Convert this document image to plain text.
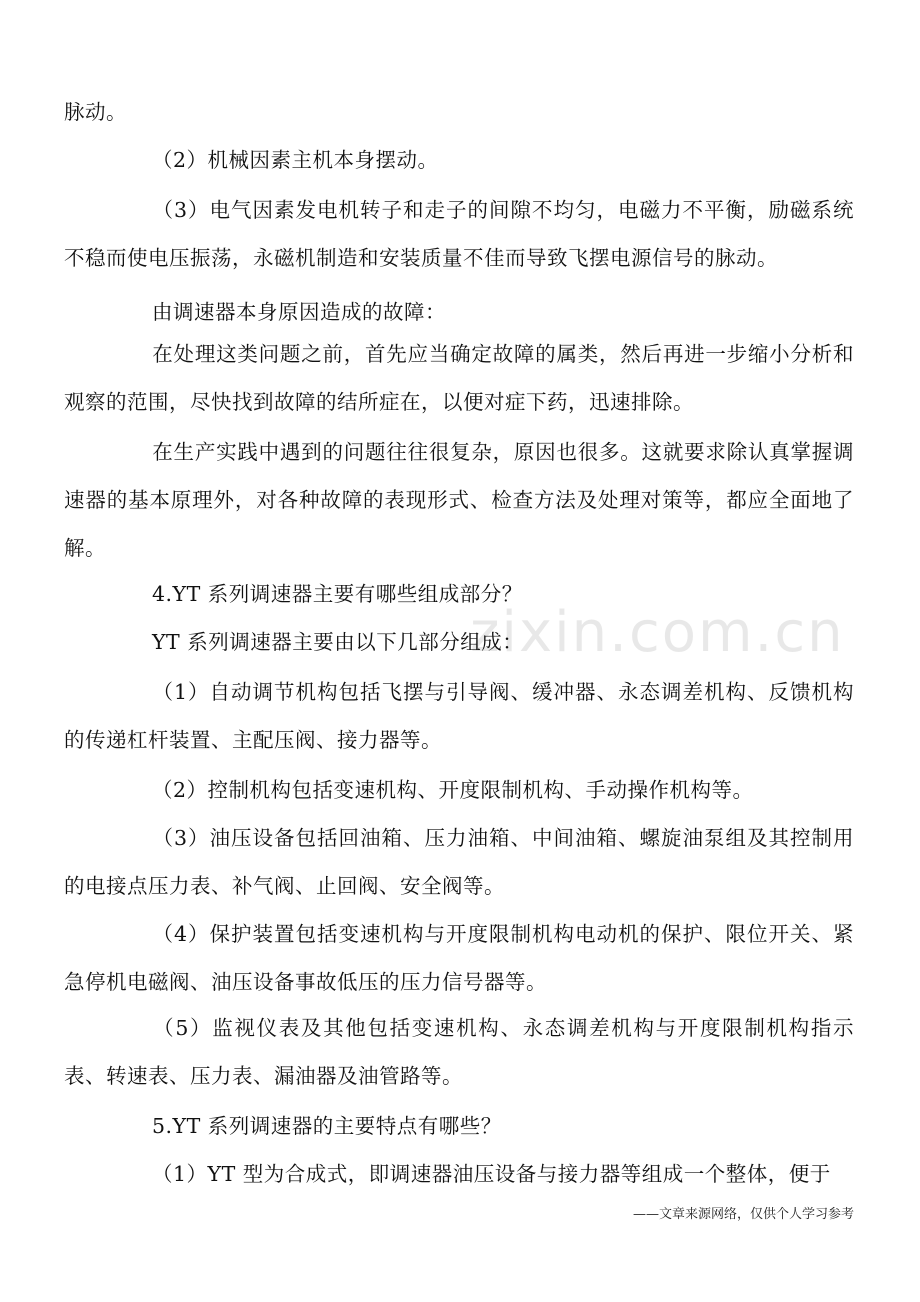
脉动。

（2）机械因素主机本身摆动。

（3）电气因素发电机转子和走子的间隙不均匀，电磁力不平衡，励磁系统不稳而使电压振荡，永磁机制造和安装质量不佳而导致飞摆电源信号的脉动。

由调速器本身原因造成的故障：

在处理这类问题之前，首先应当确定故障的属类，然后再进一步缩小分析和观察的范围，尽快找到故障的结所症在，以便对症下药，迅速排除。

在生产实践中遇到的问题往往很复杂，原因也很多。这就要求除认真掌握调速器的基本原理外，对各种故障的表现形式、检查方法及处理对策等，都应全面地了解。

4.YT 系列调速器主要有哪些组成部分？

YT 系列调速器主要由以下几部分组成：

（1）自动调节机构包括飞摆与引导阀、缓冲器、永态调差机构、反馈机构的传递杠杆装置、主配压阀、接力器等。

（2）控制机构包括变速机构、开度限制机构、手动操作机构等。

（3）油压设备包括回油箱、压力油箱、中间油箱、螺旋油泵组及其控制用的电接点压力表、补气阀、止回阀、安全阀等。

（4）保护装置包括变速机构与开度限制机构电动机的保护、限位开关、紧急停机电磁阀、油压设备事故低压的压力信号器等。

（5）监视仪表及其他包括变速机构、永态调差机构与开度限制机构指示表、转速表、压力表、漏油器及油管路等。

5.YT 系列调速器的主要特点有哪些？

（1）YT 型为合成式，即调速器油压设备与接力器等组成一个整体，便于

zixin.com.cn
——文章来源网络，仅供个人学习参考
